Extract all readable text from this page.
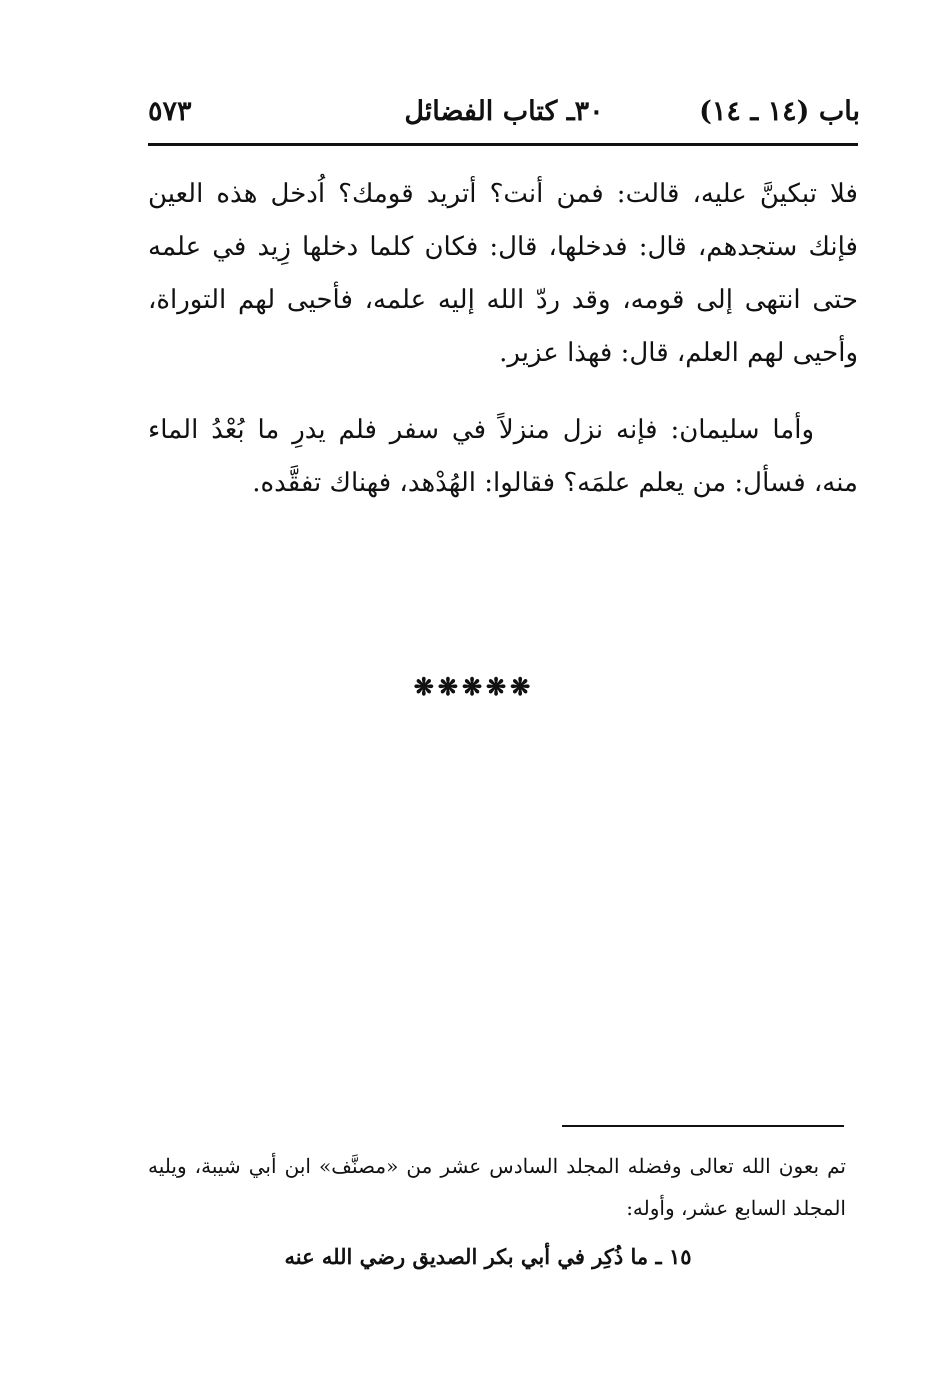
باب (١٤ ـ ١٤)
٣٠ـ كتاب الفضائل
٥٧٣

فلا تبكينَّ عليه، قالت: فمن أنت؟ أتريد قومك؟ اُدخل هذه العين فإنك ستجدهم، قال: فدخلها، قال: فكان كلما دخلها زِيد في علمه حتى انتهى إلى قومه، وقد ردّ الله إليه علمه، فأحيى لهم التوراة، وأحيى لهم العلم، قال: فهذا عزير.

وأما سليمان: فإنه نزل منزلاً في سفر فلم يدرِ ما بُعْدُ الماء منه، فسأل: من يعلم علمَه؟ فقالوا: الهُدْهد، فهناك تفقَّده.

❋❋❋❋❋

تم بعون الله تعالى وفضله المجلد السادس عشر من «مصنَّف» ابن أبي شيبة، ويليه المجلد السابع عشر، وأوله:

١٥ ـ ما ذُكِر في أبي بكر الصديق رضي الله عنه
